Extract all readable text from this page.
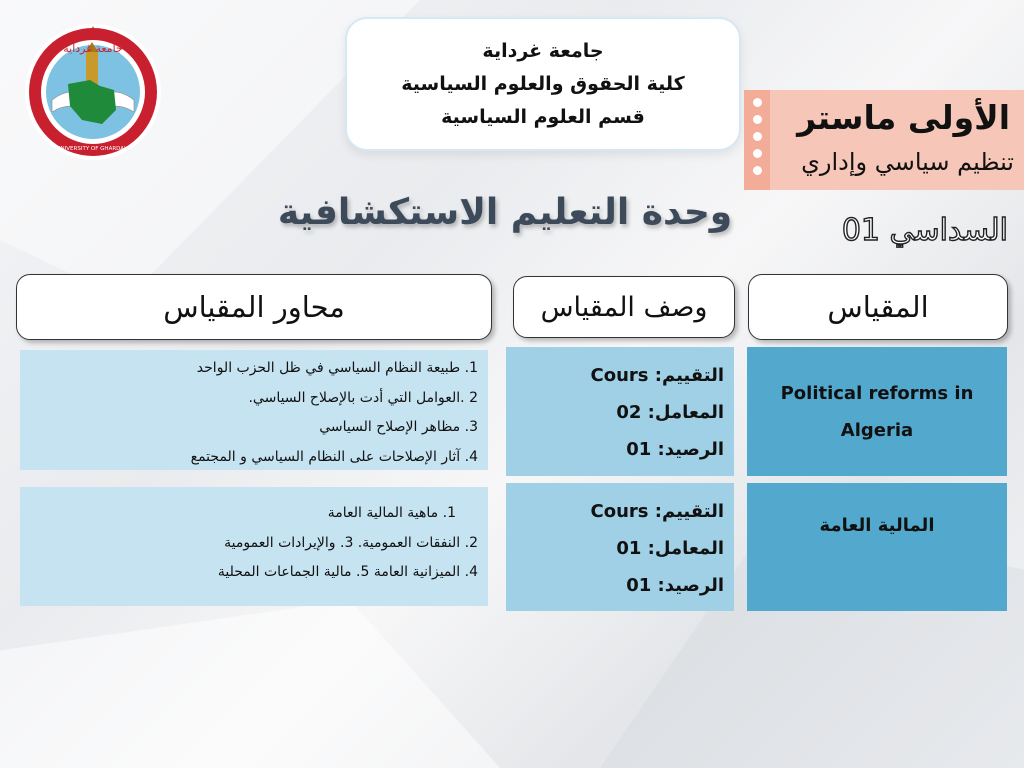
جامعة غرداية
UNIVERSITY OF GHARDAIA
جامعة غرداية
كلية الحقوق والعلوم السياسية
قسم العلوم السياسية	الأولى ماستر
تنظيم سياسي وإداري
وحدة التعليم الاستكشافية	السداسي 01
المقياس
وصف المقياس
محاور المقياس
Political reforms in Algeria
التقييم: Cours
المعامل: 02
الرصيد: 01
1. طبيعة النظام السياسي في ظل الحزب الواحد
2 .العوامل التي أدت بالإصلاح السياسي.
3. مظاهر الإصلاح السياسي
4. آثار الإصلاحات على النظام السياسي و المجتمع
المالية العامة
التقييم: Cours
المعامل: 01
الرصيد: 01
1. ماهية المالية العامة
2. النفقات العمومية. 3. والإيرادات العمومية
4. الميزانية العامة 5. مالية الجماعات المحلية
